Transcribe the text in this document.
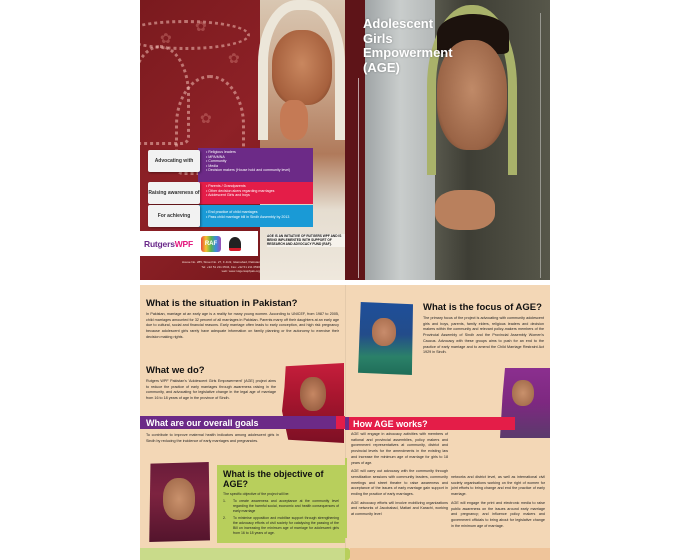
✿
✿
✿
✿
Advocating with
• Religious leaders
• MPA/MNA
• Community
• Media
• Decision makers (House hold and community level)
Raising awareness of
• Parents / Grandparents
• Other decision akers regarding marriages
• Adolescent Girls and boys
For achieving
• End practice of child marriages
• Pass child marriage bill in Sindh Assembly by 2013
RutgersWPF	RAF
AGE IS AN INITIATIVE OF RUTGERS WPF AND IS BEING IMPLEMENTED WITH SUPPORT OF RESEARCH AND ADVOCACY FUND (RAF).
House No. 285, Street No. 27, F-11/2, Islamabad, Pakistan
Tel: +92 51 211 0534, Fax: +92 51 211 0536
web: www.rutgerswpfpak.org
Adolescent
Girls
Empowerment
(AGE)
What is the situation in Pakistan?

In Pakistan, marriage at an early age is a reality for many young women. According to UNICEF, from 1987 to 2005, child marriages amounted for 32 percent of all marriages in Pakistan. Parents marry off their daughters at an early age due to cultural, social and financial reasons. Early marriage often leads to early conception, and high risk pregnancy because adolescent girls rarely have adequate information on family planning or the autonomy to exercise their decision making rights.

What we do?

Rutgers WPF Pakistan's 'Adolescent Girls Empowerment' (AGE) project aims to reduce the practice of early marriages through awareness raising in the community, and advocating for legislative change in the legal age of marriage from 16 to 18 years of age in the province of Sindh.

What are our overall goals

To contribute to improve maternal health indicators among adolescent girls in Sindh by reducing the incidence of early marriages and pregnancies.

What is the objective of AGE?

The specific objective of the project will be:

1.	To create awareness and acceptance at the community level regarding the harmful social, economic and health consequences of early marriage
2.	To minimise opposition and mobilise support through strengthening the advocacy efforts of civil society for catalysing the passing of the Bill on increasing the minimum age of marriage for adolescent girls from 16 to 18 years of age.
What is the focus of AGE?

The primary focus of the project is advocating with community adolescent girls and boys, parents, family elders, religious leaders and decision makers within the community and relevant policy-makers members of the Provincial Assembly of Sindh and the Provincial Assembly Women's Caucus. Advocacy with these groups aims to push for an end to the practice of early marriage and to amend the Child Marriage Restraint Act 1929 in Sindh.

How AGE works?

AGE will engage in advocacy activities with members of national and provincial assemblies, policy makers and government representatives at community, district and provincial levels for the amendments in the existing law and increase the minimum age of marriage for girls to 18 years of age.

AGE will carry out advocacy with the community through sensitization sessions with community leaders, community meetings and street theatre to raise awareness and acceptance of the issues of early marriage gain support in ending the practice of early marriages.

AGE advocacy efforts will involve mobilizing organizations and networks of Jacobabad, Matiari and Karachi, working at community level

networks and district level, as well as international civil society organisations working on the right of women for joint efforts to bring change and end the practice of early marriage.

AGE will engage the print and electronic media to raise public awareness on the issues around early marriage and pregnancy; and influence policy makers and government officials to bring about for legislative change in the minimum age of marriage.
